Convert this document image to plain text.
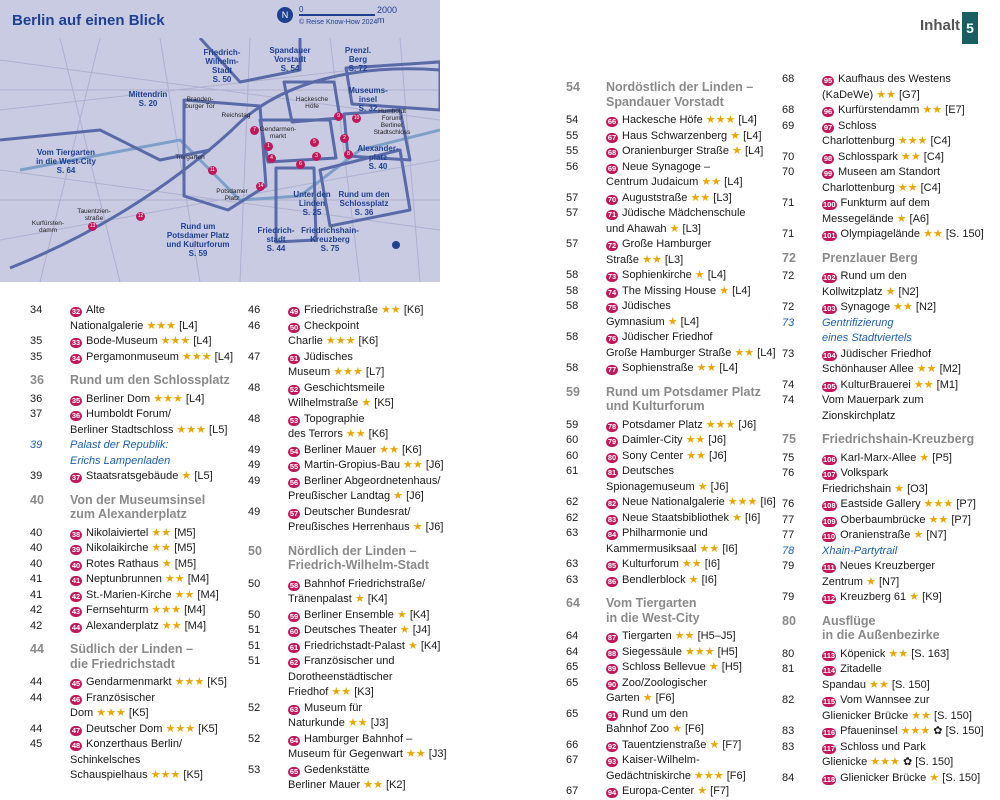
Berlin auf einen Blick	N
0	2000 m
© Reise Know-How 2024
Friedrich-
Wilhelm-
Stadt
S. 50
Spandauer
Vorstadt
S. 54
Prenzl.
Berg
S. 72
Mittendrin
S. 20
Museums-
insel
S. 32
Vom Tiergarten
in die West-City
S. 64
Alexander-
platz
S. 40
Unter den
Linden
S. 25
Rund um den
Schlossplatz
S. 36
Rund um
Potsdamer Platz
und Kulturforum
S. 59
Friedrich-
stadt
S. 44
Friedrichshain-
Kreuzberg
S. 75
Branden-
burger Tor
Reichstag
Hackesche
Höfe
Humboldt
Forum/
Berliner
Stadtschloss
Gendarmen-
markt
Tiergarten
Potsdamer
Platz
Tauentzien-
straße
Kurfürsten-
damm
1
4
7
3
5
6
8
2
9	10
11
12
13
14
Inhalt 5
34	32 Alte
Nationalgalerie ★★★ [L4]
35	33 Bode-Museum ★★★ [L4]
35	34 Pergamonmuseum ★★★ [L4]
36	Rund um den Schlossplatz
36	35 Berliner Dom ★★★ [L4]
37	36 Humboldt Forum/
Berliner Stadtschloss ★★★ [L5]
39	Palast der Republik:
Erichs Lampenladen
39	37 Staatsratsgebäude ★ [L5]
40	Von der Museumsinsel
zum Alexanderplatz
40	38 Nikolaiviertel ★★ [M5]
40	39 Nikolaikirche ★★ [M5]
40	40 Rotes Rathaus ★ [M5]
41	41 Neptunbrunnen ★★ [M4]
41	42 St.-Marien-Kirche ★★ [M4]
42	43 Fernsehturm ★★★ [M4]
42	44 Alexanderplatz ★★ [M4]
44	Südlich der Linden –
die Friedrichstadt
44	45 Gendarmenmarkt ★★★ [K5]
44	46 Französischer
Dom ★★★ [K5]
44	47 Deutscher Dom ★★★ [K5]
45	48 Konzerthaus Berlin/
Schinkelsches
Schauspielhaus ★★★ [K5]
46	49 Friedrichstraße ★★ [K6]
46	50 Checkpoint
Charlie ★★★ [K6]
47	51 Jüdisches
Museum ★★★ [L7]
48	52 Geschichtsmeile
Wilhelmstraße ★ [K5]
48	53 Topographie
des Terrors ★★ [K6]
49	54 Berliner Mauer ★★ [K6]
49	55 Martin-Gropius-Bau ★★ [J6]
49	56 Berliner Abgeordnetenhaus/
Preußischer Landtag ★ [J6]
49	57 Deutscher Bundesrat/
Preußisches Herrenhaus ★ [J6]
50	Nördlich der Linden –
Friedrich-Wilhelm-Stadt
50	58 Bahnhof Friedrichstraße/
Tränenpalast ★ [K4]
50	59 Berliner Ensemble ★ [K4]
51	60 Deutsches Theater ★ [J4]
51	61 Friedrichstadt-Palast ★ [K4]
51	62 Französischer und
Dorotheenstädtischer
Friedhof ★★ [K3]
52	63 Museum für
Naturkunde ★★ [J3]
52	64 Hamburger Bahnhof –
Museum für Gegenwart ★★ [J3]
53	65 Gedenkstätte
Berliner Mauer ★★ [K2]
54	Nordöstlich der Linden –
Spandauer Vorstadt
54	66 Hackesche Höfe ★★★ [L4]
55	67 Haus Schwarzenberg ★ [L4]
55	68 Oranienburger Straße ★ [L4]
56	69 Neue Synagoge –
Centrum Judaicum ★★ [L4]
57	70 Auguststraße ★★ [L3]
57	71 Jüdische Mädchenschule
und Ahawah ★ [L3]
57	72 Große Hamburger
Straße ★★ [L3]
58	73 Sophienkirche ★ [L4]
58	74 The Missing House ★ [L4]
58	75 Jüdisches
Gymnasium ★ [L4]
58	76 Jüdischer Friedhof
Große Hamburger Straße ★★ [L4]
58	77 Sophienstraße ★★ [L4]
59	Rund um Potsdamer Platz
und Kulturforum
59	78 Potsdamer Platz ★★★ [J6]
60	79 Daimler-City ★★ [J6]
60	80 Sony Center ★★ [J6]
61	81 Deutsches
Spionagemuseum ★ [J6]
62	82 Neue Nationalgalerie ★★★ [I6]
62	83 Neue Staatsbibliothek ★ [I6]
63	84 Philharmonie und
Kammermusiksaal ★★ [I6]
63	85 Kulturforum ★★ [I6]
63	86 Bendlerblock ★ [I6]
64	Vom Tiergarten
in die West-City
64	87 Tiergarten ★★ [H5–J5]
64	88 Siegessäule ★★★ [H5]
65	89 Schloss Bellevue ★ [H5]
65	90 Zoo/Zoologischer
Garten ★ [F6]
65	91 Rund um den
Bahnhof Zoo ★ [F6]
66	92 Tauentzienstraße ★ [F7]
67	93 Kaiser-Wilhelm-
Gedächtniskirche ★★★ [F6]
67	94 Europa-Center ★ [F7]
68	95 Kaufhaus des Westens
(KaDeWe) ★★ [G7]
68	96 Kurfürstendamm ★★ [E7]
69	97 Schloss
Charlottenburg ★★★ [C4]
70	98 Schlosspark ★★ [C4]
70	99 Museen am Standort
Charlottenburg ★★ [C4]
71	100 Funkturm auf dem
Messegelände ★ [A6]
71	101 Olympiagelände ★★ [S. 150]
72	Prenzlauer Berg
72	102 Rund um den
Kollwitzplatz ★ [N2]
72	103 Synagoge ★★ [N2]
73	Gentrifizierung
eines Stadtviertels
73	104 Jüdischer Friedhof
Schönhauser Allee ★★ [M2]
74	105 KulturBrauerei ★★ [M1]
74	Vom Mauerpark zum
Zionskirchplatz
75	Friedrichshain-Kreuzberg
75	106 Karl-Marx-Allee ★ [P5]
76	107 Volkspark
Friedrichshain ★ [O3]
76	108 Eastside Gallery ★★★ [P7]
77	109 Oberbaumbrücke ★★ [P7]
77	110 Oranienstraße ★ [N7]
78	Xhain-Partytrail
79	111 Neues Kreuzberger
Zentrum ★ [N7]
79	112 Kreuzberg 61 ★ [K9]
80	Ausflüge
in die Außenbezirke
80	113 Köpenick ★★ [S. 163]
81	114 Zitadelle
Spandau ★★ [S. 150]
82	115 Vom Wannsee zur
Glienicker Brücke ★★ [S. 150]
83	116 Pfaueninsel ★★★ ✿ [S. 150]
83	117 Schloss und Park
Glienicke ★★★ ✿ [S. 150]
84	118 Glienicker Brücke ★ [S. 150]
